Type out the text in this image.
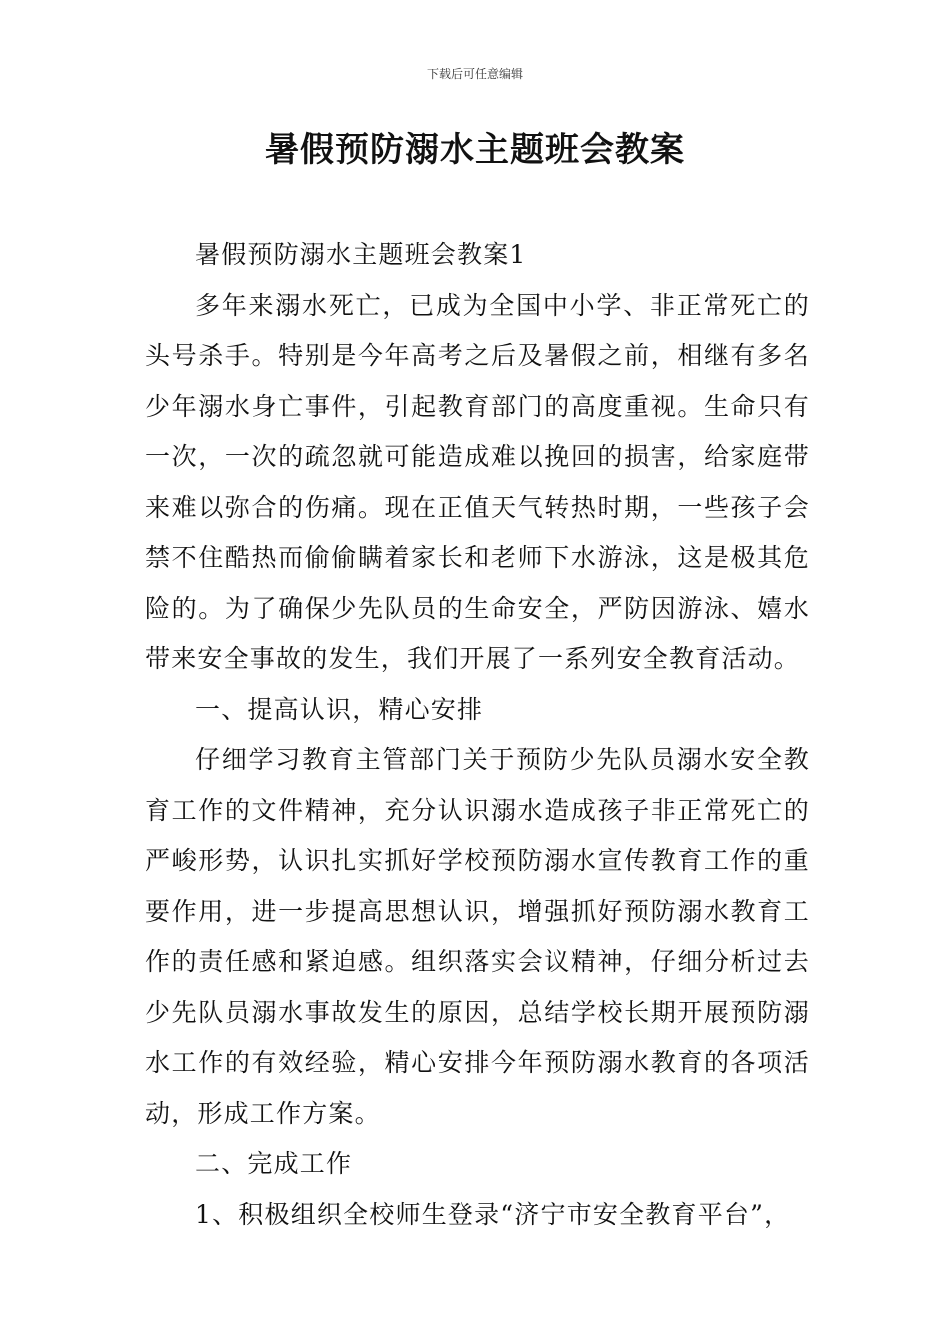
下载后可任意编辑
暑假预防溺水主题班会教案

暑假预防溺水主题班会教案1

多年来溺水死亡，已成为全国中小学、非正常死亡的头号杀手。特别是今年高考之后及暑假之前，相继有多名少年溺水身亡事件，引起教育部门的高度重视。生命只有一次，一次的疏忽就可能造成难以挽回的损害，给家庭带来难以弥合的伤痛。现在正值天气转热时期，一些孩子会禁不住酷热而偷偷瞒着家长和老师下水游泳，这是极其危险的。为了确保少先队员的生命安全，严防因游泳、嬉水带来安全事故的发生，我们开展了一系列安全教育活动。

一、提高认识，精心安排

仔细学习教育主管部门关于预防少先队员溺水安全教育工作的文件精神，充分认识溺水造成孩子非正常死亡的严峻形势，认识扎实抓好学校预防溺水宣传教育工作的重要作用，进一步提高思想认识，增强抓好预防溺水教育工作的责任感和紧迫感。组织落实会议精神，仔细分析过去少先队员溺水事故发生的原因，总结学校长期开展预防溺水工作的有效经验，精心安排今年预防溺水教育的各项活动，形成工作方案。

二、完成工作

1、积极组织全校师生登录“济宁市安全教育平台”，
